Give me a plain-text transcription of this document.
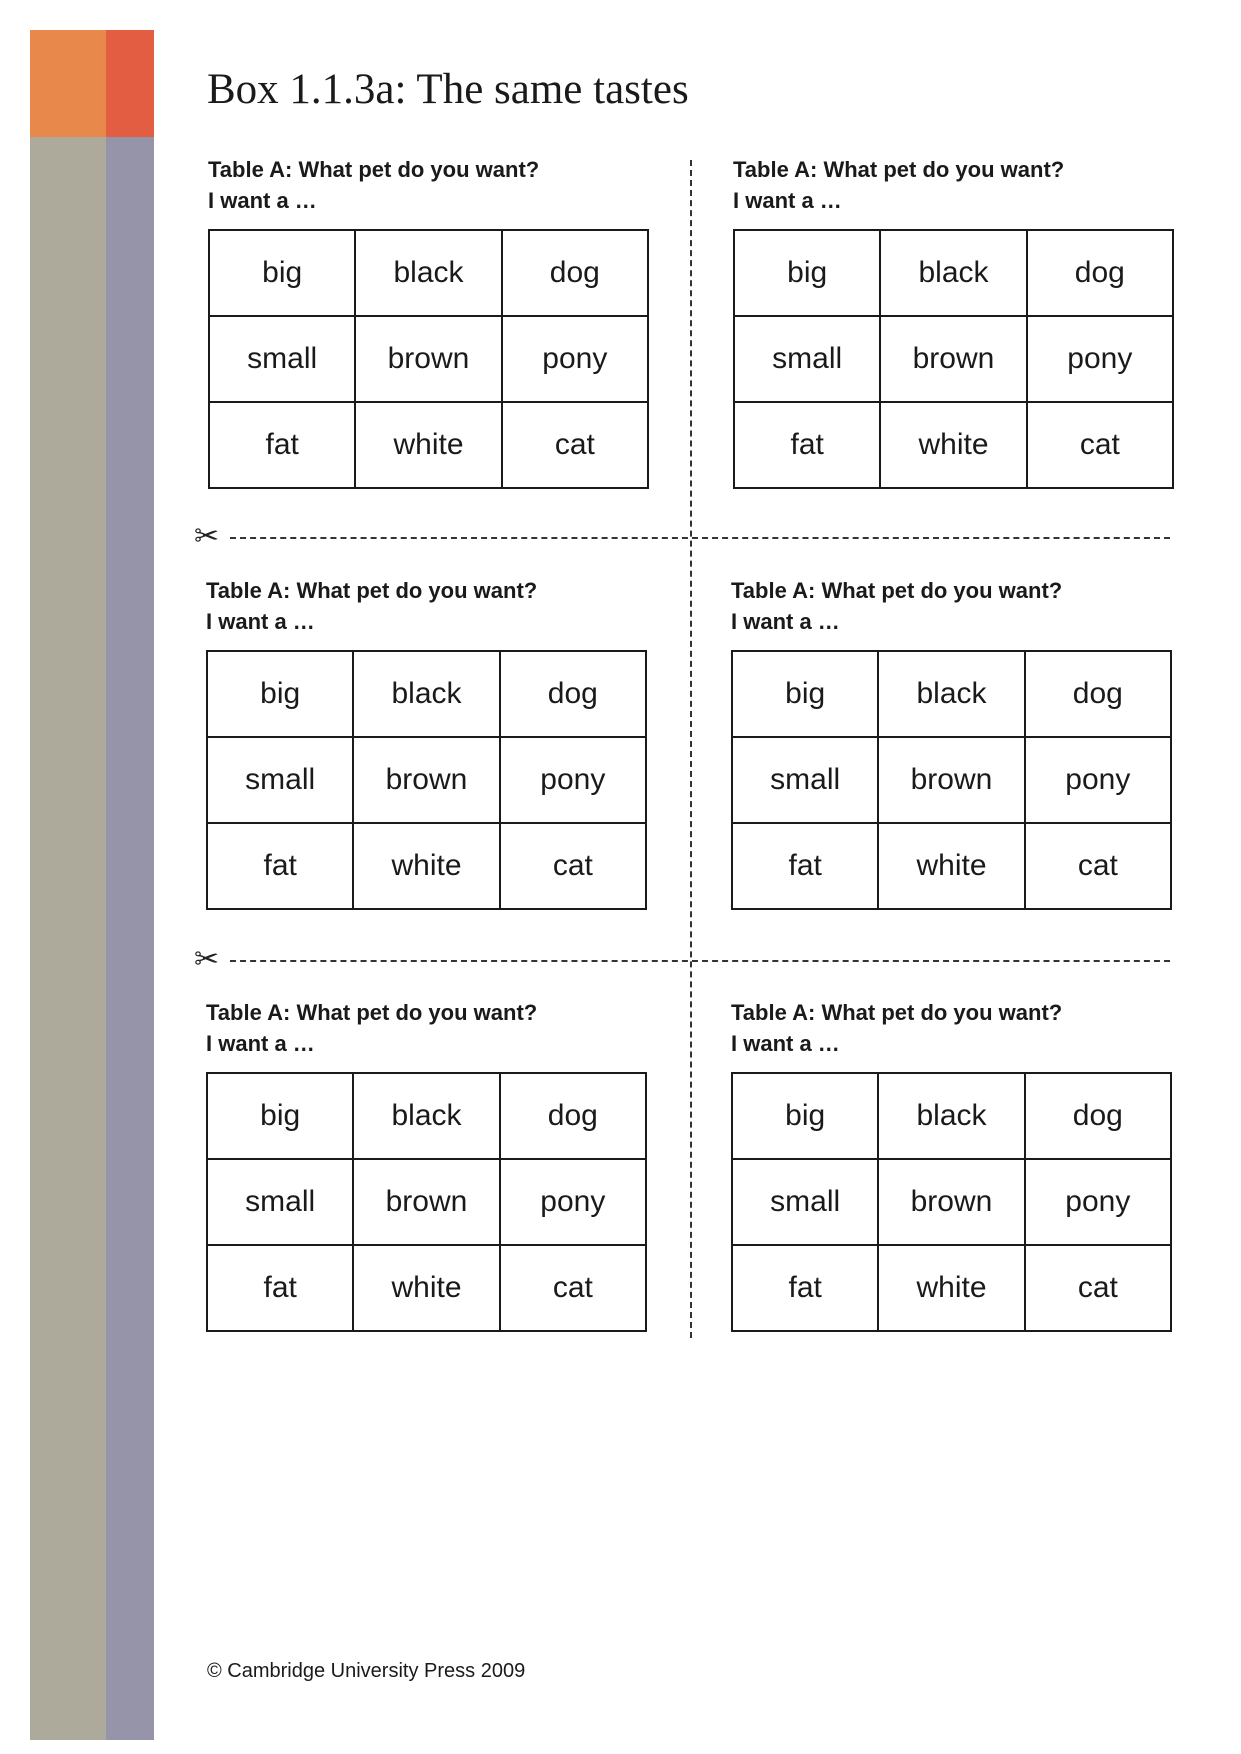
Box 1.1.3a: The same tastes
✂
✂
Table A: What pet do you want?
I want a …
big	black	dog
small	brown	pony
fat	white	cat
Table A: What pet do you want?
I want a …
big	black	dog
small	brown	pony
fat	white	cat
Table A: What pet do you want?
I want a …
big	black	dog
small	brown	pony
fat	white	cat
Table A: What pet do you want?
I want a …
big	black	dog
small	brown	pony
fat	white	cat
Table A: What pet do you want?
I want a …
big	black	dog
small	brown	pony
fat	white	cat
Table A: What pet do you want?
I want a …
big	black	dog
small	brown	pony
fat	white	cat
© Cambridge University Press 2009
